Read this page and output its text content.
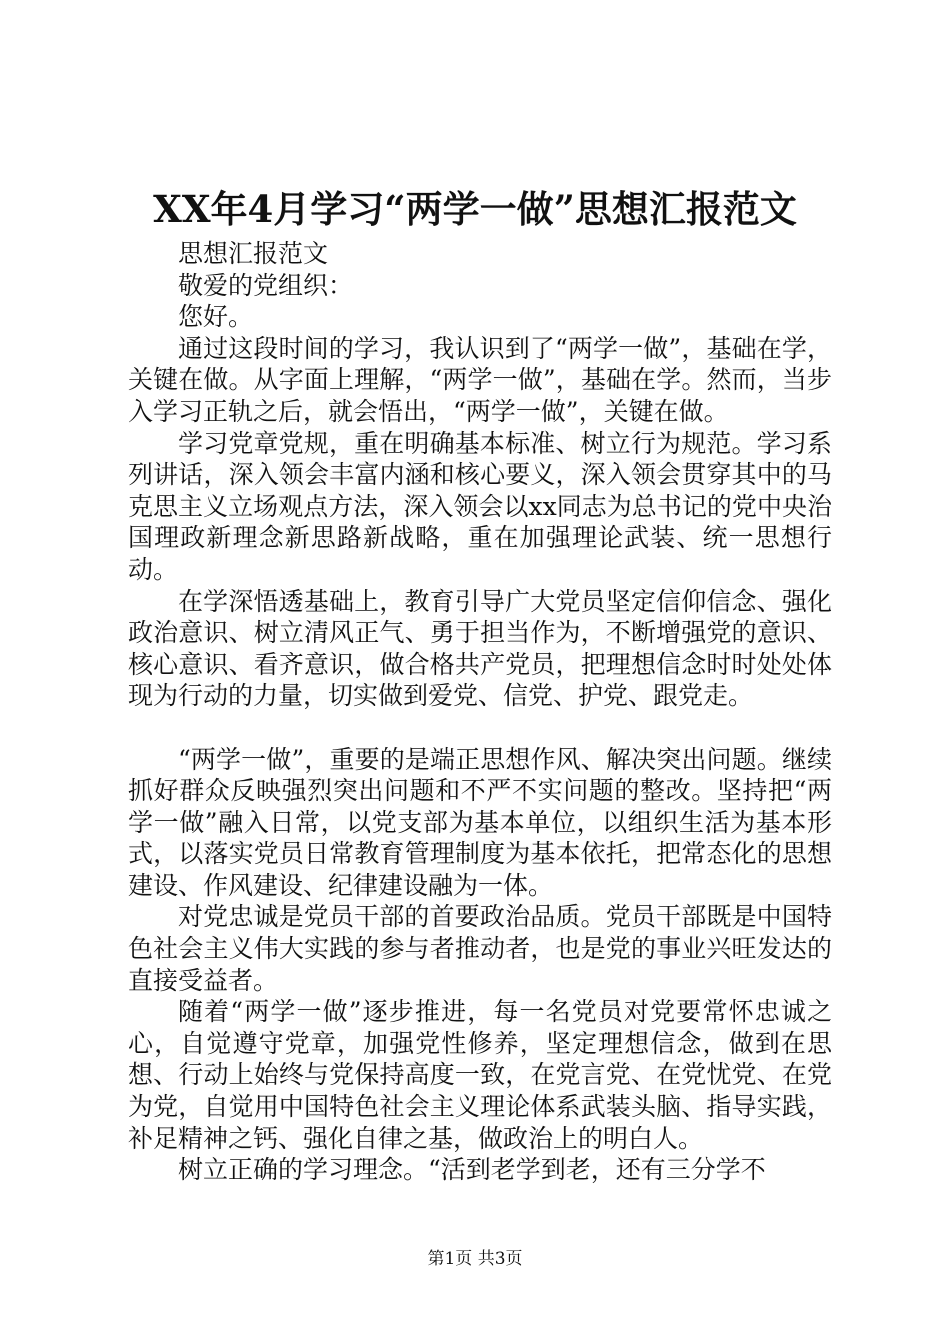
XX年4月学习“两学一做”思想汇报范文

思想汇报范文

敬爱的党组织：

您好。

通过这段时间的学习，我认识到了“两学一做”，基础在学，关键在做。从字面上理解，“两学一做”，基础在学。然而，当步入学习正轨之后，就会悟出，“两学一做”，关键在做。

学习党章党规，重在明确基本标准、树立行为规范。学习系列讲话，深入领会丰富内涵和核心要义，深入领会贯穿其中的马克思主义立场观点方法，深入领会以xx同志为总书记的党中央治国理政新理念新思路新战略，重在加强理论武装、统一思想行动。

在学深悟透基础上，教育引导广大党员坚定信仰信念、强化政治意识、树立清风正气、勇于担当作为，不断增强党的意识、核心意识、看齐意识，做合格共产党员，把理想信念时时处处体现为行动的力量，切实做到爱党、信党、护党、跟党走。

“两学一做”，重要的是端正思想作风、解决突出问题。继续抓好群众反映强烈突出问题和不严不实问题的整改。坚持把“两学一做”融入日常，以党支部为基本单位，以组织生活为基本形式，以落实党员日常教育管理制度为基本依托，把常态化的思想建设、作风建设、纪律建设融为一体。

对党忠诚是党员干部的首要政治品质。党员干部既是中国特色社会主义伟大实践的参与者推动者，也是党的事业兴旺发达的直接受益者。

随着“两学一做”逐步推进，每一名党员对党要常怀忠诚之心，自觉遵守党章，加强党性修养，坚定理想信念，做到在思想、行动上始终与党保持高度一致，在党言党、在党忧党、在党为党，自觉用中国特色社会主义理论体系武装头脑、指导实践，补足精神之钙、强化自律之基，做政治上的明白人。

树立正确的学习理念。“活到老学到老，还有三分学不

第1页 共3页
